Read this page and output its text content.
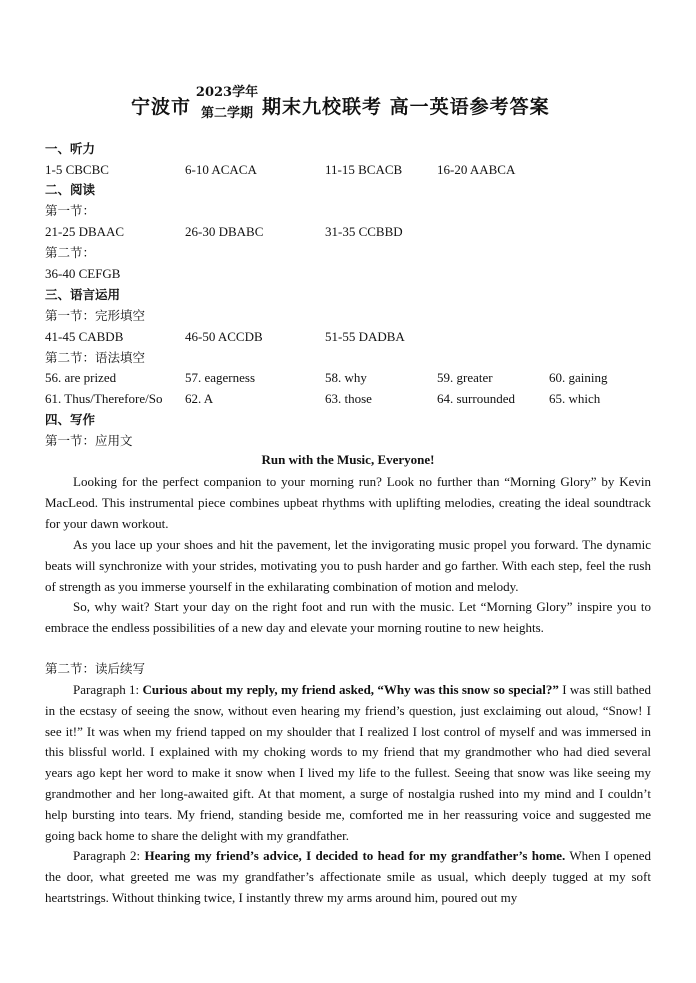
宁波市
2023学年
第二学期 期末九校联考 高一英语参考答案
一、听力
1-5 CBCBC	6-10 ACACA	11-15 BCACB	16-20 AABCA
二、阅读
第一节：
21-25 DBAAC	26-30 DBABC	31-35 CCBBD
第二节：
36-40 CEFGB
三、语言运用
第一节：完形填空
41-45 CABDB	46-50 ACCDB	51-55 DADBA
第二节：语法填空
56. are prized	57. eagerness	58. why	59. greater	60. gaining
61. Thus/Therefore/So 62. A	63. those	64. surrounded	65. which
四、写作
第一节：应用文
Run with the Music, Everyone!

Looking for the perfect companion to your morning run? Look no further than “Morning Glory” by Kevin MacLeod. This instrumental piece combines upbeat rhythms with uplifting melodies, creating the ideal soundtrack for your dawn workout.

As you lace up your shoes and hit the pavement, let the invigorating music propel you forward. The dynamic beats will synchronize with your strides, motivating you to push harder and go farther. With each step, feel the rush of strength as you immerse yourself in the exhilarating combination of motion and melody.

So, why wait? Start your day on the right foot and run with the music. Let “Morning Glory” inspire you to embrace the endless possibilities of a new day and elevate your morning routine to new heights.

第二节：读后续写

Paragraph 1: Curious about my reply, my friend asked, “Why was this snow so special?” I was still bathed in the ecstasy of seeing the snow, without even hearing my friend’s question, just exclaiming out aloud, “Snow! I see it!” It was when my friend tapped on my shoulder that I realized I lost control of myself and was immersed in this blissful world. I explained with my choking words to my friend that my grandmother who had died several years ago kept her word to make it snow when I lived my life to the fullest. Seeing that snow was like seeing my grandmother and her long-awaited gift. At that moment, a surge of nostalgia rushed into my mind and I couldn’t help bursting into tears. My friend, standing beside me, comforted me in her reassuring voice and suggested me going back home to share the delight with my grandfather.

Paragraph 2: Hearing my friend’s advice, I decided to head for my grandfather’s home. When I opened the door, what greeted me was my grandfather’s affectionate smile as usual, which deeply tugged at my soft heartstrings. Without thinking twice, I instantly threw my arms around him, poured out my
